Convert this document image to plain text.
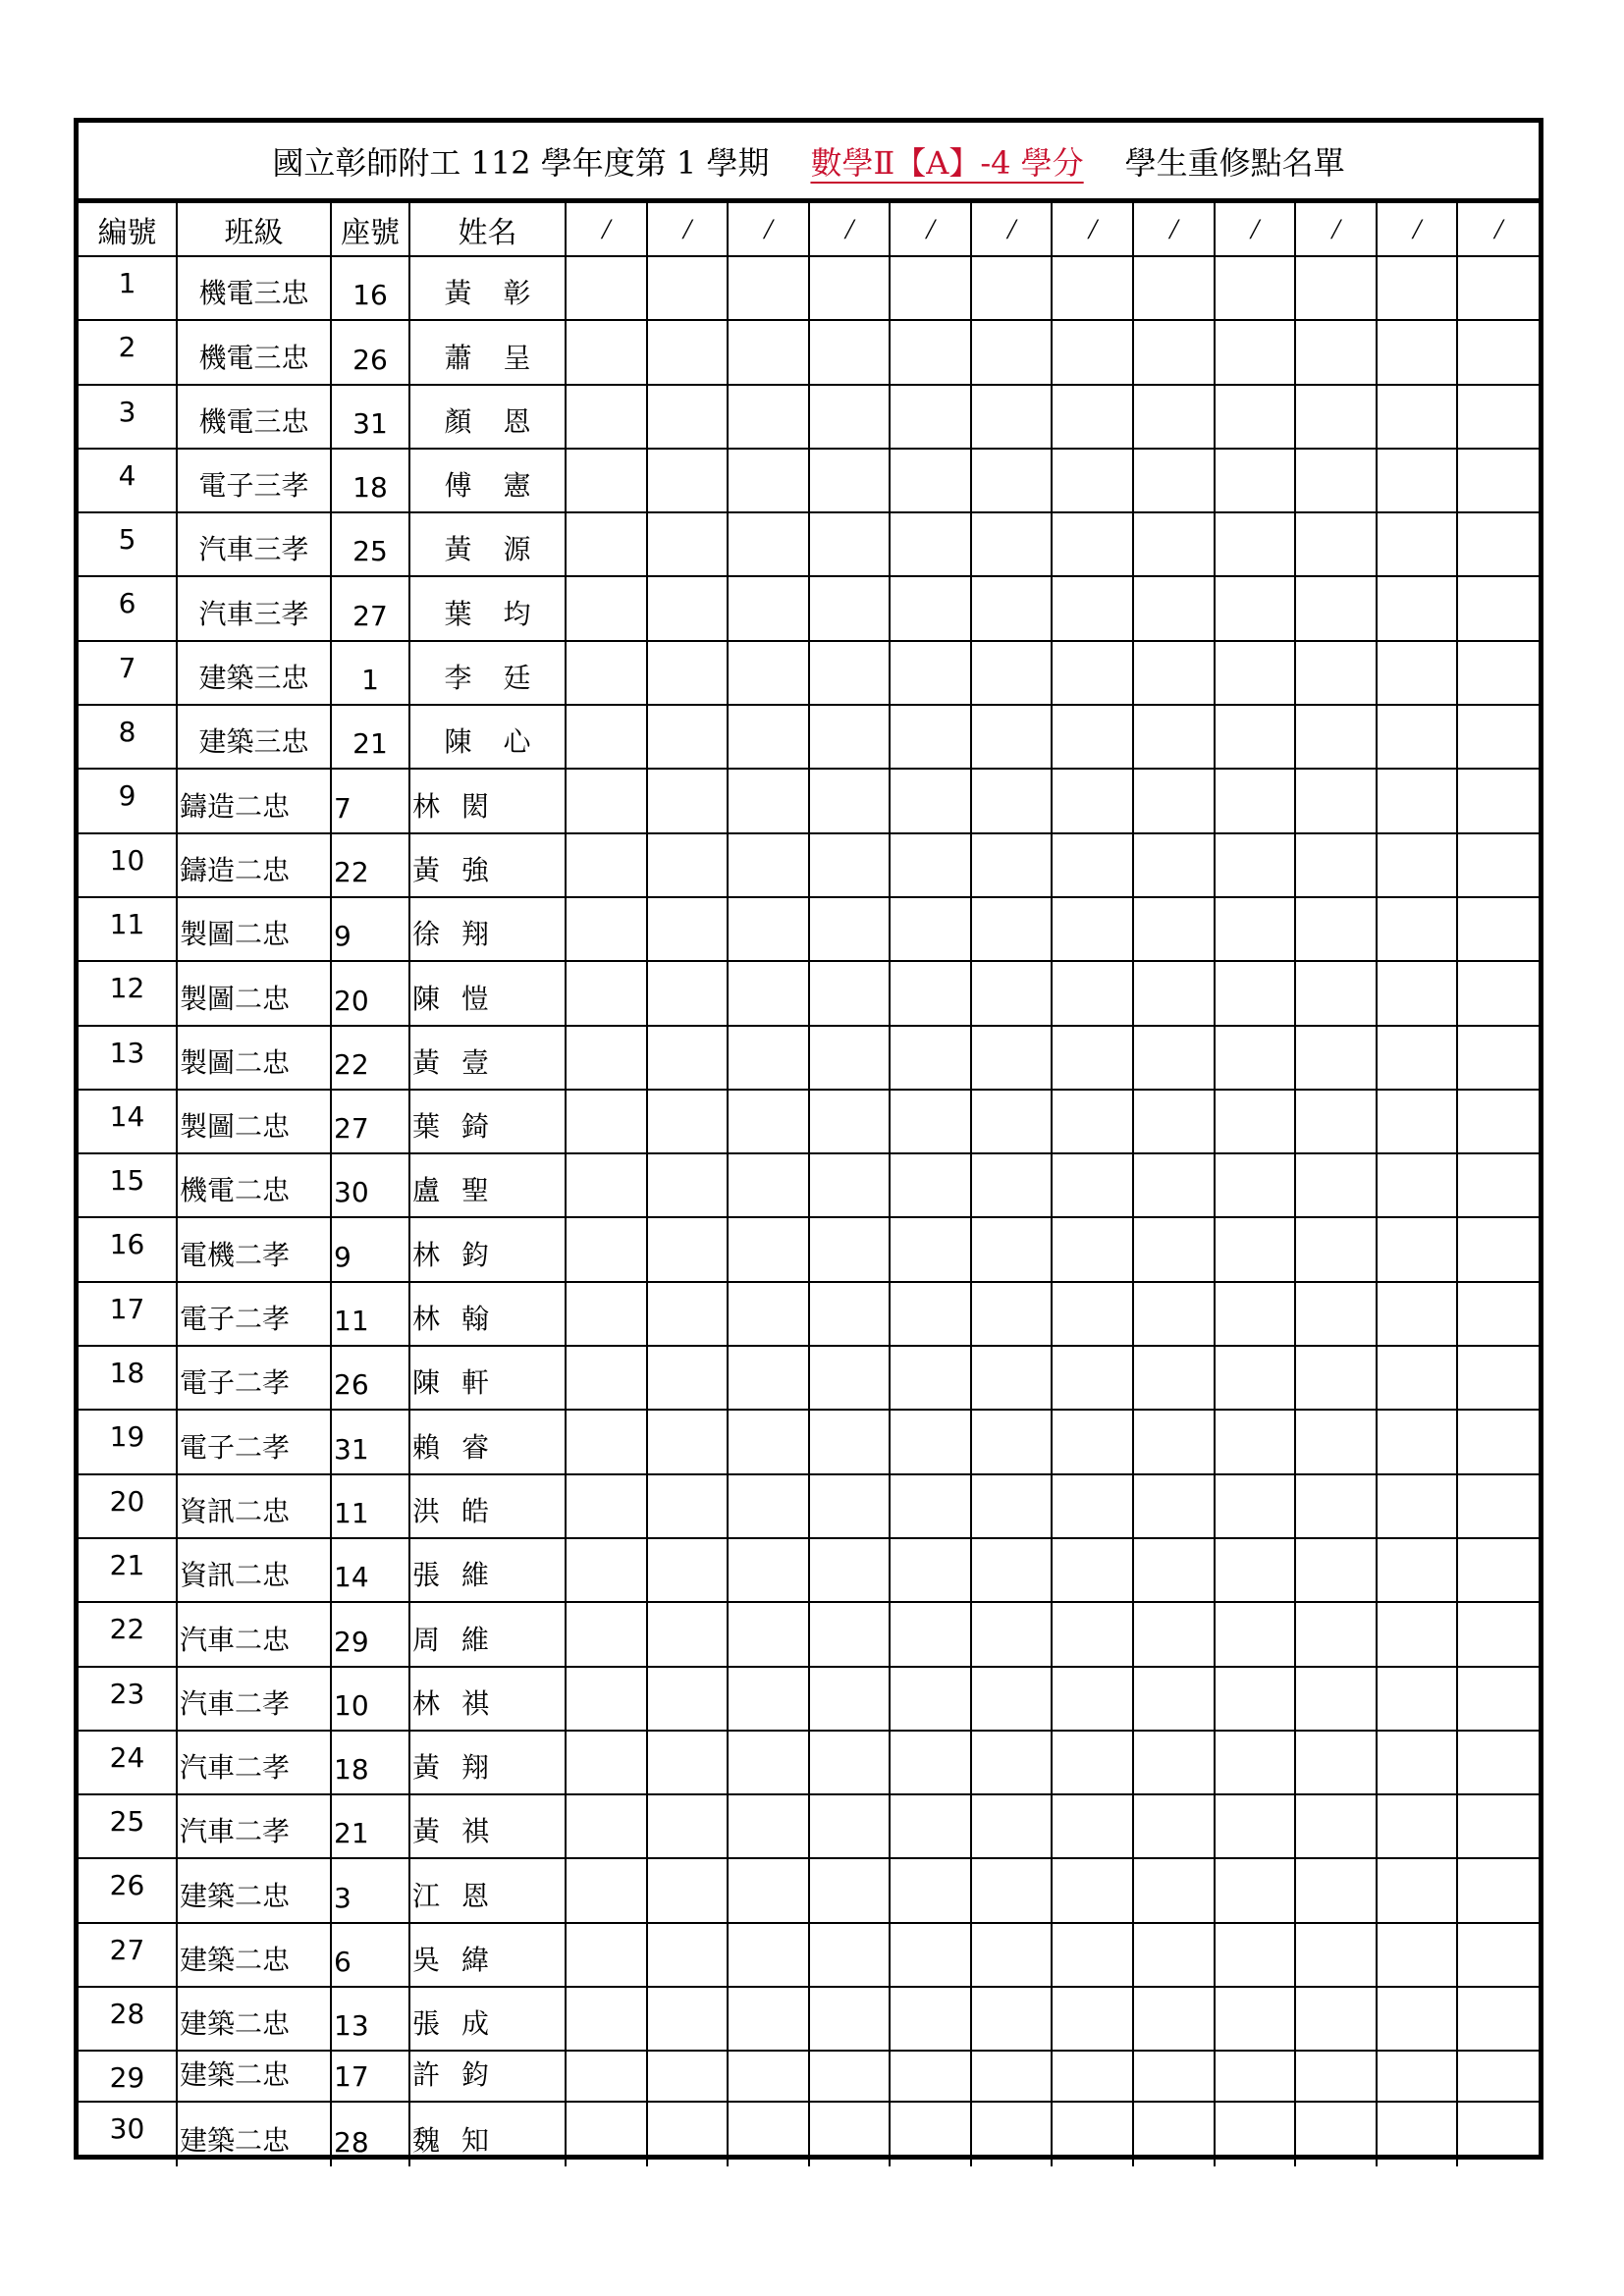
國立彰師附工 112 學年度第 1 學期 數學Ⅱ【A】-4 學分 學生重修點名單
編號	班級	座號	姓名	/	/	/	/	/	/	/	/	/	/	/	/
1	機電三忠	16	黃 彰												
2	機電三忠	26	蕭 呈												
3	機電三忠	31	顏 恩												
4	電子三孝	18	傅 憲												
5	汽車三孝	25	黃 源												
6	汽車三孝	27	葉 均												
7	建築三忠	1	李 廷												
8	建築三忠	21	陳 心												
9	鑄造二忠	7	林 閎												
10	鑄造二忠	22	黃 強												
11	製圖二忠	9	徐 翔												
12	製圖二忠	20	陳 愷												
13	製圖二忠	22	黃 壹												
14	製圖二忠	27	葉 錡												
15	機電二忠	30	盧 聖												
16	電機二孝	9	林 鈞												
17	電子二孝	11	林 翰												
18	電子二孝	26	陳 軒												
19	電子二孝	31	賴 睿												
20	資訊二忠	11	洪 皓												
21	資訊二忠	14	張 維												
22	汽車二忠	29	周 維												
23	汽車二孝	10	林 祺												
24	汽車二孝	18	黃 翔												
25	汽車二孝	21	黃 祺												
26	建築二忠	3	江 恩												
27	建築二忠	6	吳 緯												
28	建築二忠	13	張 成												
29	建築二忠	17	許 鈞												
30	建築二忠	28	魏 知												
